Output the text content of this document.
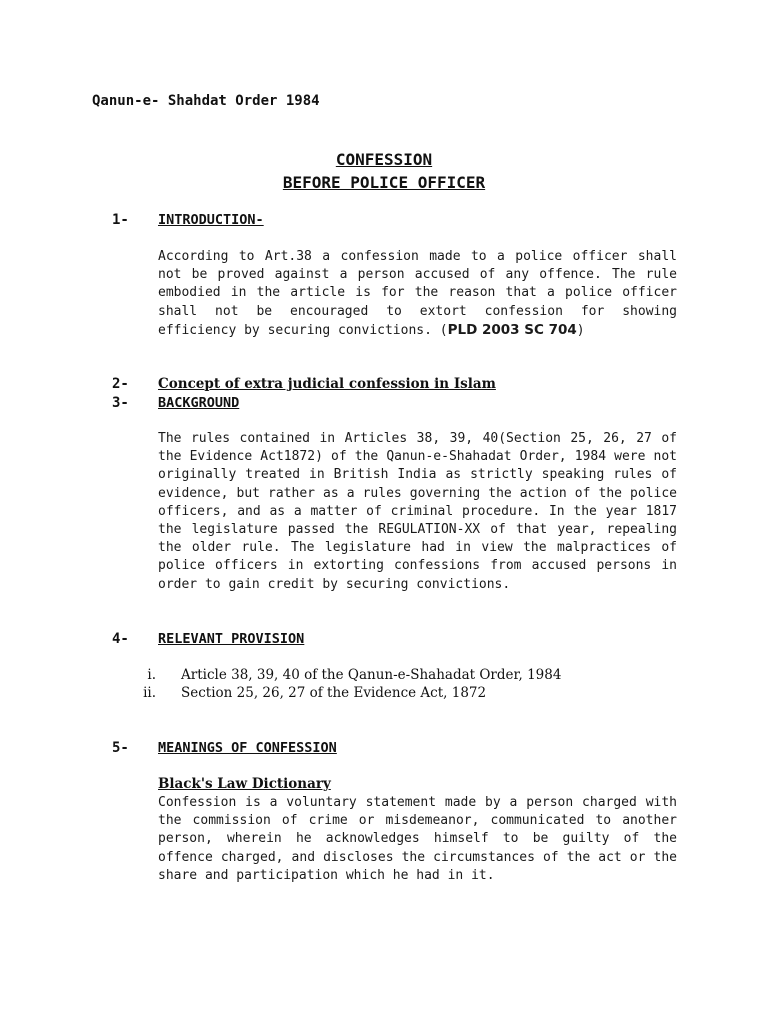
Qanun-e- Shahdat Order 1984
CONFESSION
BEFORE POLICE OFFICER
1- INTRODUCTION-
According to Art.38 a confession made to a police officer shall not be proved against a person accused of any offence. The rule embodied in the article is for the reason that a police officer shall not be encouraged to extort confession for showing efficiency by securing convictions. (PLD 2003 SC 704)
2- Concept of extra judicial confession in Islam
3- BACKGROUND
The rules contained in Articles 38, 39, 40(Section 25, 26, 27 of the Evidence Act1872) of the Qanun-e-Shahadat Order, 1984 were not originally treated in British India as strictly speaking rules of evidence, but rather as a rules governing the action of the police officers, and as a matter of criminal procedure. In the year 1817 the legislature passed the REGULATION-XX of that year, repealing the older rule. The legislature had in view the malpractices of police officers in extorting confessions from accused persons in order to gain credit by securing convictions.
4- RELEVANT PROVISION
i. Article 38, 39, 40 of the Qanun-e-Shahadat Order, 1984
ii. Section 25, 26, 27 of the Evidence Act, 1872
5- MEANINGS OF CONFESSION
Black's Law Dictionary
Confession is a voluntary statement made by a person charged with the commission of crime or misdemeanor, communicated to another person, wherein he acknowledges himself to be guilty of the offence charged, and discloses the circumstances of the act or the share and participation which he had in it.
